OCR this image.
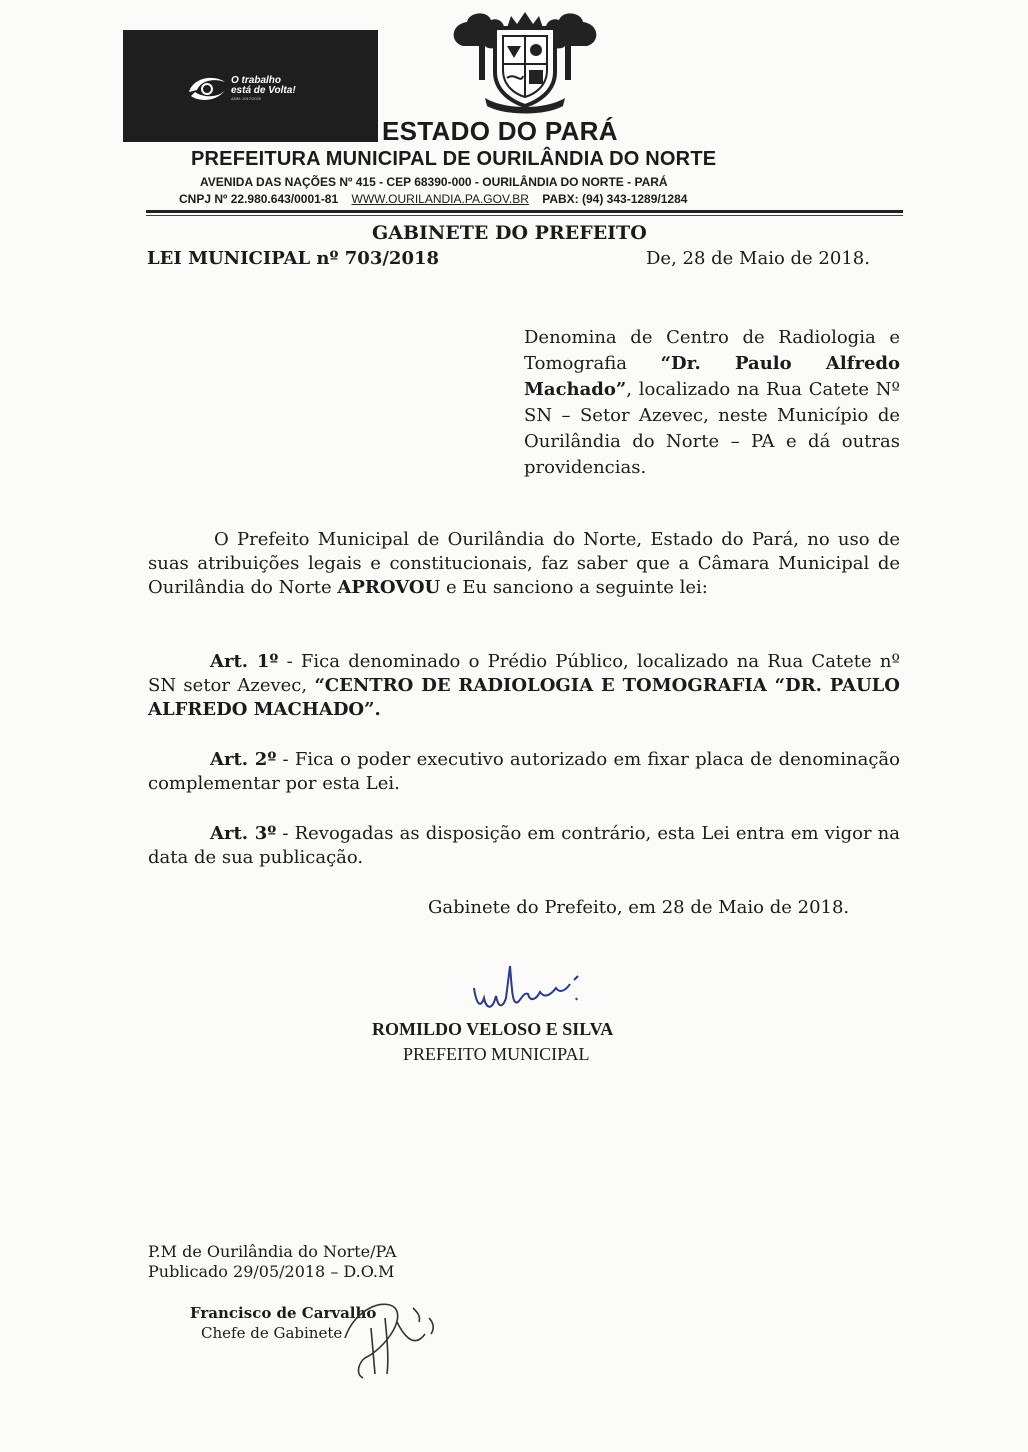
O trabalho
está de Volta!
ADM: 2017/2020
ESTADO DO PARÁ
PREFEITURA MUNICIPAL DE OURILÂNDIA DO NORTE
AVENIDA DAS NAÇÕES Nº 415 - CEP 68390-000 - OURILÂNDIA DO NORTE - PARÁ
CNPJ Nº 22.980.643/0001-81 WWW.OURILANDIA.PA.GOV.BR PABX: (94) 343-1289/1284
GABINETE DO PREFEITO
LEI MUNICIPAL nº 703/2018	De, 28 de Maio de 2018.
Denomina de Centro de Radiologia e Tomografia “Dr. Paulo Alfredo Machado”, localizado na Rua Catete Nº SN – Setor Azevec, neste Município de Ourilândia do Norte – PA e dá outras providencias.
O Prefeito Municipal de Ourilândia do Norte, Estado do Pará, no uso de suas atribuições legais e constitucionais, faz saber que a Câmara Municipal de Ourilândia do Norte APROVOU e Eu sanciono a seguinte lei:
Art. 1º - Fica denominado o Prédio Público, localizado na Rua Catete nº SN setor Azevec, “CENTRO DE RADIOLOGIA E TOMOGRAFIA “DR. PAULO ALFREDO MACHADO”.
Art. 2º - Fica o poder executivo autorizado em fixar placa de denominação complementar por esta Lei.
Art. 3º - Revogadas as disposição em contrário, esta Lei entra em vigor na data de sua publicação.
Gabinete do Prefeito, em 28 de Maio de 2018.
ROMILDO VELOSO E SILVA
PREFEITO MUNICIPAL
P.M de Ourilândia do Norte/PA
Publicado 29/05/2018 – D.O.M
Francisco de Carvalho
Chefe de Gabinete
